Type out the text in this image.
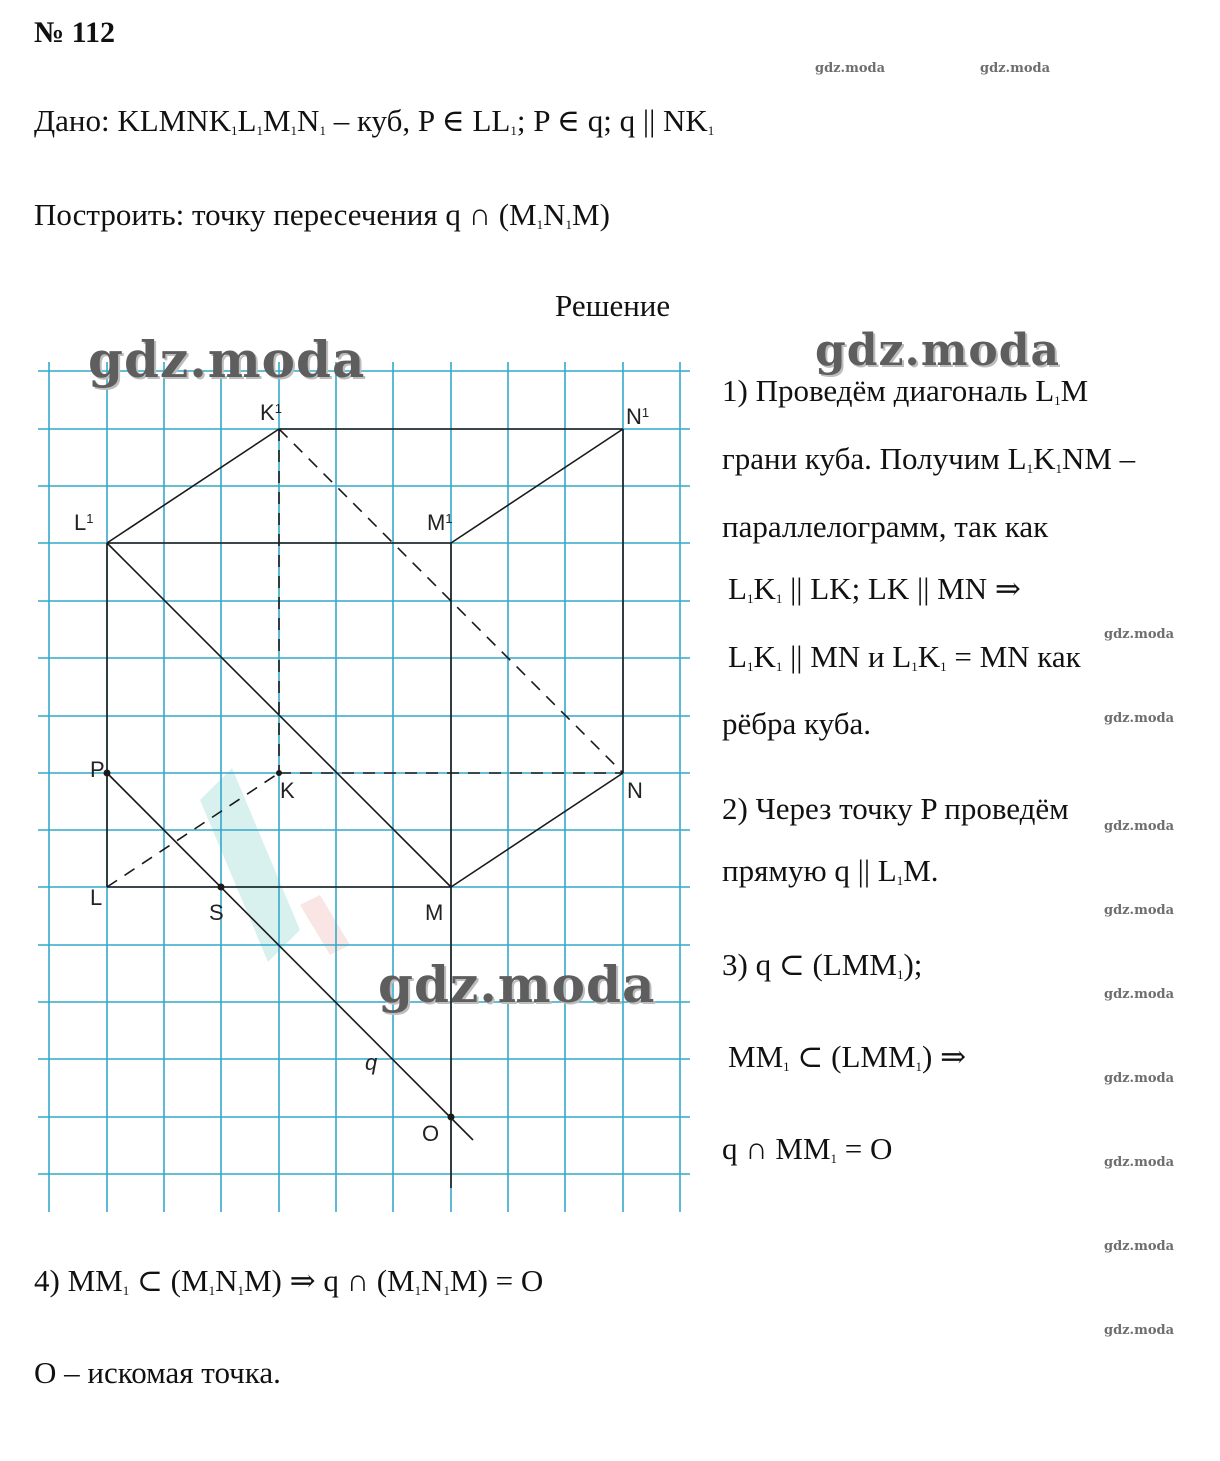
№ 112
Дано: $KLMNK_1L_1M_1N_1$ – куб, P ∈ $LL_1$; P ∈ q; q || $NK_1$
Построить: точку пересечения q ∩ $(M_1N_1M)$
Решение
1) Проведём диагональ $L_1M$
грани куба. Получим $L_1K_1NM$ –
параллелограмм, так как
$L_1K_1$ || LK; LK || MN ⇒
$L_1K_1$ || MN и $L_1K_1$ = MN как
рёбра куба.
2) Через точку P проведём
прямую q || $L_1M$.
3) q ⊂ $(LMM_1)$;
$MM_1$ ⊂ $(LMM_1)$ ⇒
q ∩ $MM_1 = O$
4) $MM_1$ ⊂ $(M_1N_1M)$ ⇒ q ∩ $(M_1N_1M) = O$
O – искомая точка.
gdz.moda	gdz.moda
gdz.moda
gdz.moda
gdz.moda
gdz.moda
gdz.moda
gdz.moda
gdz.moda
gdz.moda
gdz.moda
gdz.moda	gdz.moda
gdz.moda
$K_1$	$N_1$
$L_1$	$M_1$
P
K	N
L
S	M
q
O
